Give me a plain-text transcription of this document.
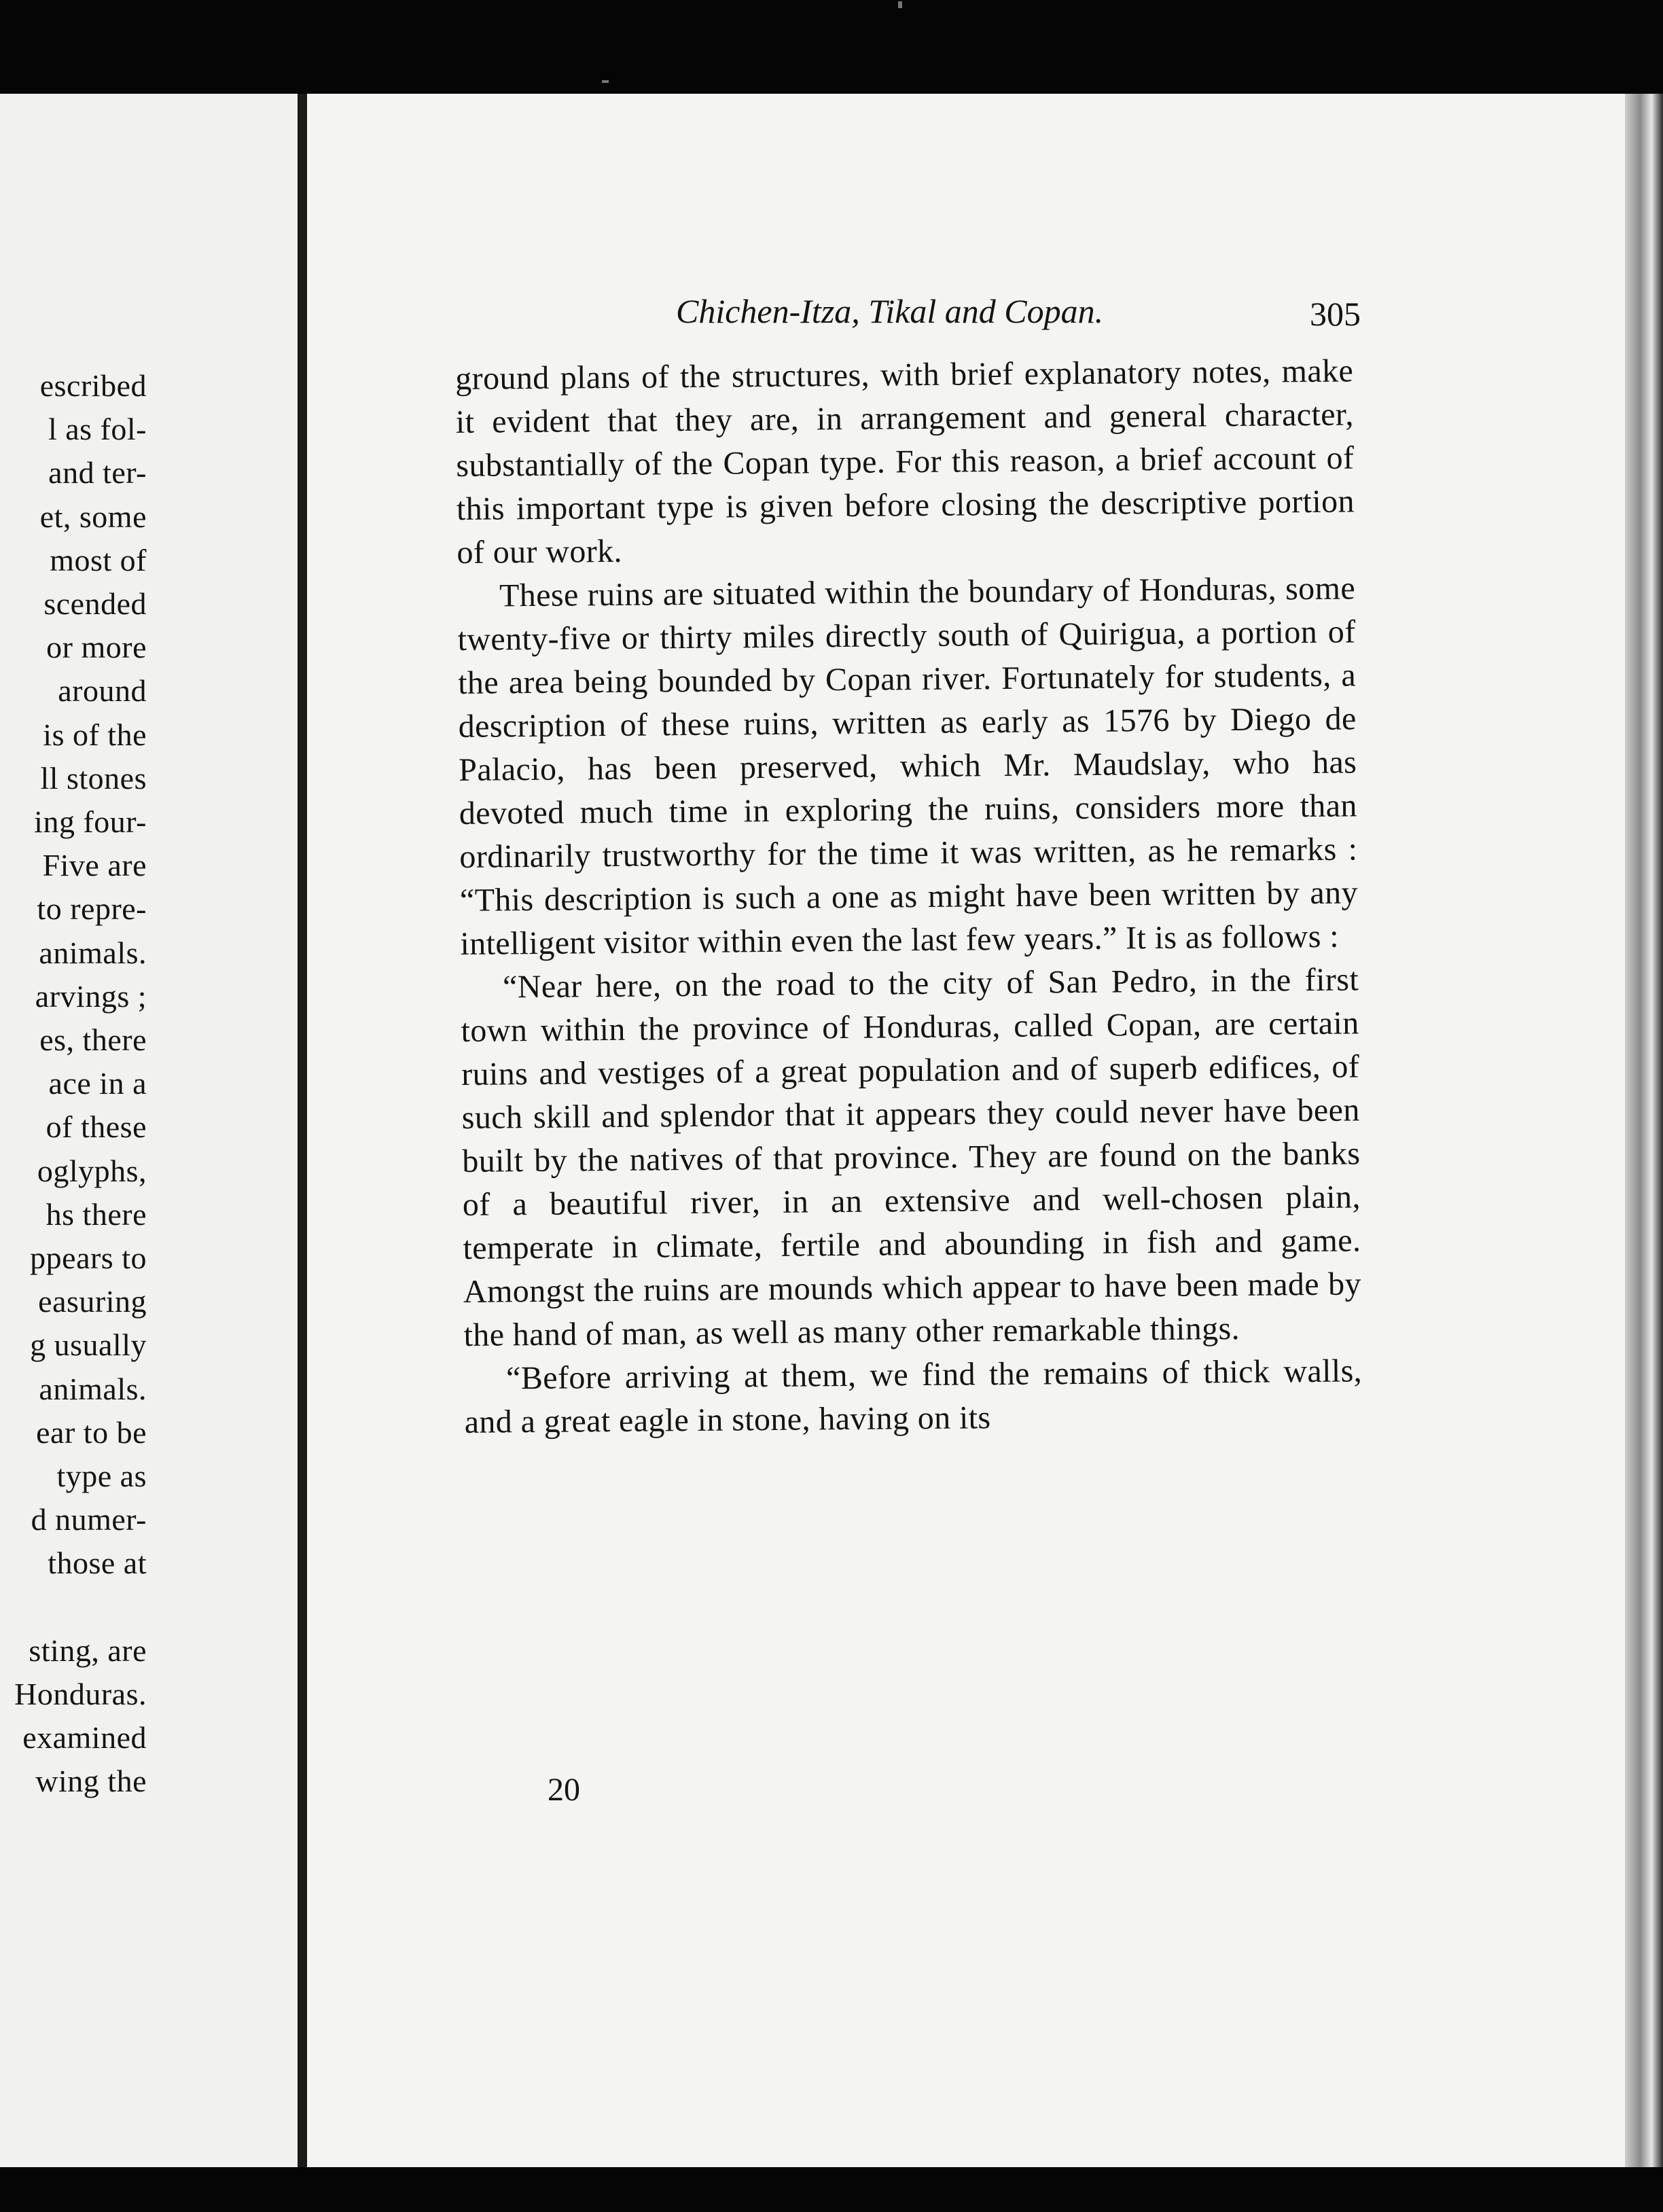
escribed

l as fol-

and ter-

et, some

most of

scended

or more

around

is of the

ll stones

ing four-

Five are

to repre-

animals.

arvings ;

es, there

ace in a

of these

oglyphs,

hs there

ppears to

easuring

g usually

animals.

ear to be

type as

d numer-

those at

sting, are

Honduras.

examined

wing the

Chichen-Itza, Tikal and Copan.	305

ground plans of the structures, with brief explanatory notes, make it evident that they are, in arrangement and general character, substantially of the Copan type. For this reason, a brief account of this important type is given before closing the descriptive portion of our work.

These ruins are situated within the boundary of Honduras, some twenty-five or thirty miles directly south of Quirigua, a portion of the area being bounded by Copan river. Fortunately for students, a description of these ruins, written as early as 1576 by Diego de Palacio, has been preserved, which Mr. Maudslay, who has devoted much time in exploring the ruins, considers more than ordinarily trustworthy for the time it was written, as he remarks : “This description is such a one as might have been written by any intelligent visitor within even the last few years.” It is as follows :

“Near here, on the road to the city of San Pedro, in the first town within the province of Honduras, called Copan, are certain ruins and vestiges of a great population and of superb edifices, of such skill and splendor that it appears they could never have been built by the natives of that province. They are found on the banks of a beautiful river, in an extensive and well-chosen plain, temperate in climate, fertile and abounding in fish and game. Amongst the ruins are mounds which appear to have been made by the hand of man, as well as many other remarkable things.

“Before arriving at them, we find the remains of thick walls, and a great eagle in stone, having on its

20
